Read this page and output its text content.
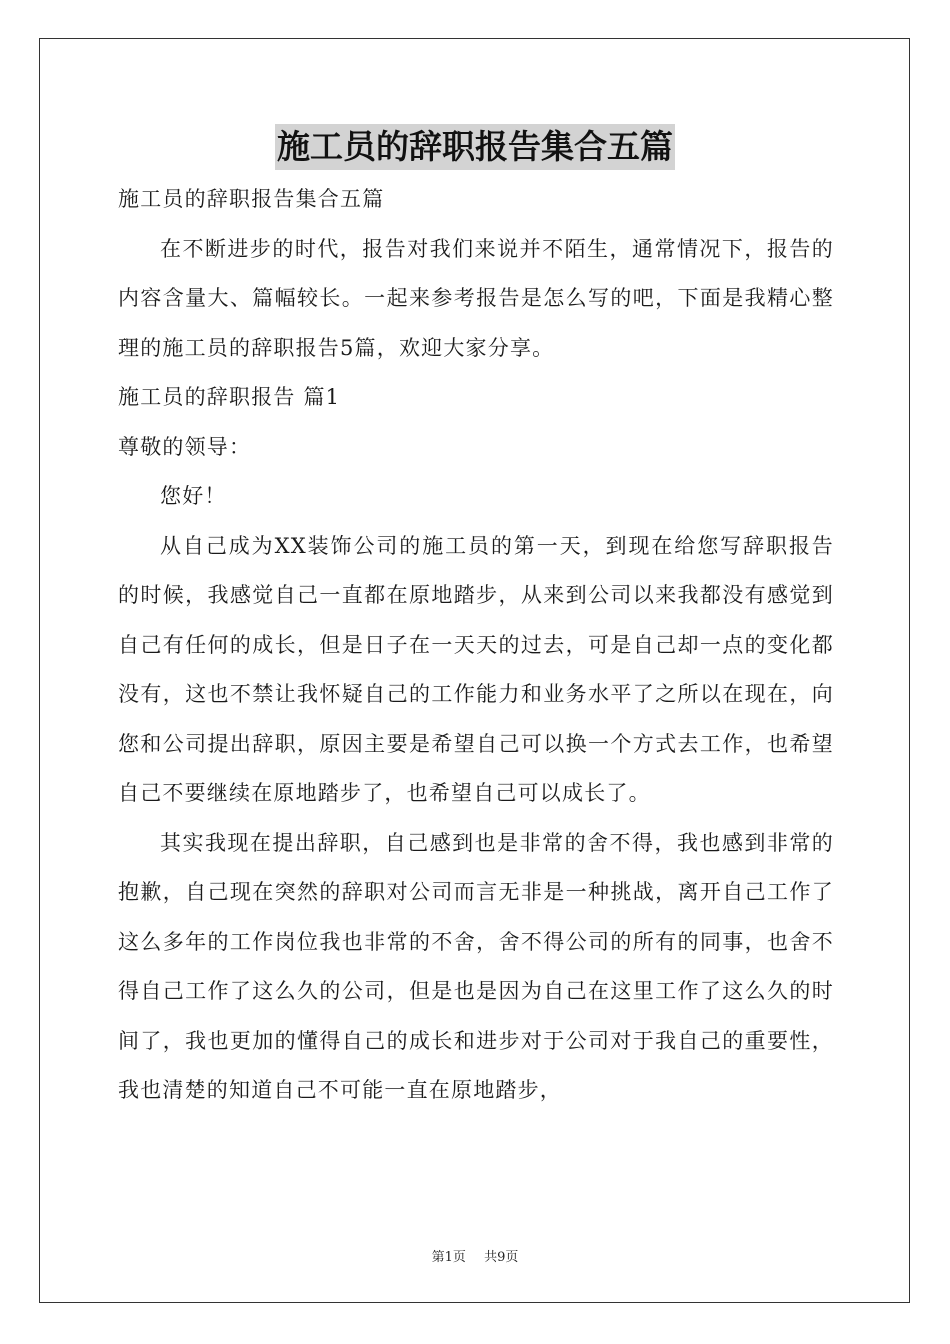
施工员的辞职报告集合五篇

施工员的辞职报告集合五篇

在不断进步的时代，报告对我们来说并不陌生，通常情况下，报告的内容含量大、篇幅较长。一起来参考报告是怎么写的吧，下面是我精心整理的施工员的辞职报告5篇，欢迎大家分享。

施工员的辞职报告 篇1

尊敬的领导：

您好！

从自己成为XX装饰公司的施工员的第一天，到现在给您写辞职报告的时候，我感觉自己一直都在原地踏步，从来到公司以来我都没有感觉到自己有任何的成长，但是日子在一天天的过去，可是自己却一点的变化都没有，这也不禁让我怀疑自己的工作能力和业务水平了之所以在现在，向您和公司提出辞职，原因主要是希望自己可以换一个方式去工作，也希望自己不要继续在原地踏步了，也希望自己可以成长了。

其实我现在提出辞职，自己感到也是非常的舍不得，我也感到非常的抱歉，自己现在突然的辞职对公司而言无非是一种挑战，离开自己工作了这么多年的工作岗位我也非常的不舍，舍不得公司的所有的同事，也舍不得自己工作了这么久的公司，但是也是因为自己在这里工作了这么久的时间了，我也更加的懂得自己的成长和进步对于公司对于我自己的重要性，我也清楚的知道自己不可能一直在原地踏步，

第1页 共9页
